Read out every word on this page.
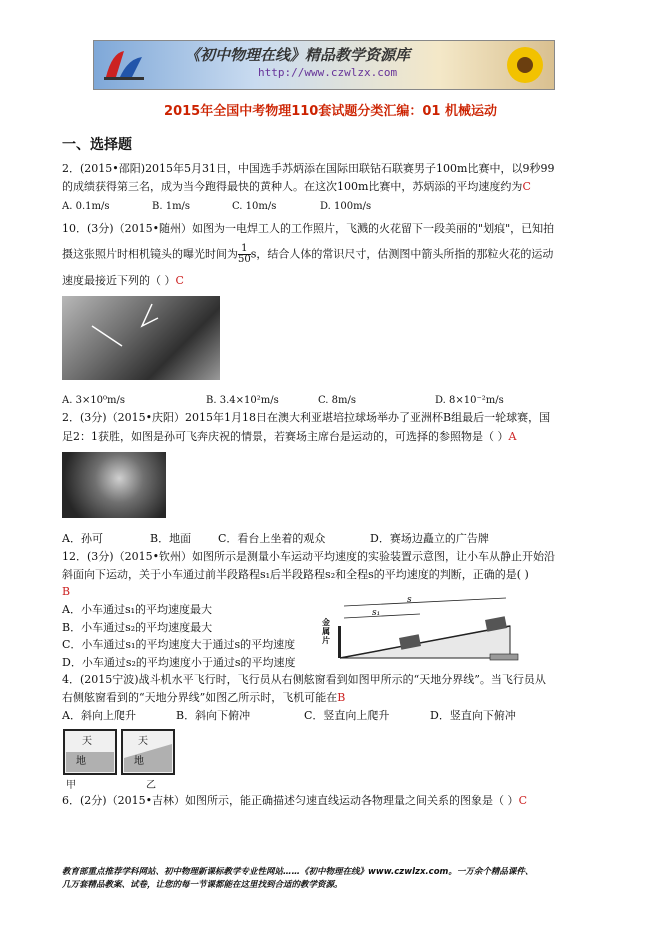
《初中物理在线》精品教学资源库
http://www.czwlzx.com
2015年全国中考物理110套试题分类汇编：01 机械运动
一、选择题
2．(2015•邵阳)2015年5月31日，中国选手苏炳添在国际田联钻石联赛男子100m比赛中，以9秒99
的成绩获得第三名，成为当今跑得最快的黄种人。在这次100m比赛中，苏炳添的平均速度约为C
A. 0.1m/s	B. 1m/s	C. 10m/s	D. 100m/s
10．(3分)（2015•随州）如图为一电焊工人的工作照片，飞溅的火花留下一段美丽的"划痕"，已知拍
摄这张照片时相机镜头的曝光时间为 $\frac{1}{50}$ s，结合人体的常识尺寸，估测图中箭头所指的那粒火花的运动
速度最接近下列的（ ）C
A. 3×10⁰m/s	B. 3.4×10²m/s	C. 8m/s	D. 8×10⁻²m/s
2．(3分)（2015•庆阳）2015年1月18日在澳大利亚堪培拉球场举办了亚洲杯B组最后一轮球赛，国
足2：1获胜，如图是孙可飞奔庆祝的情景，若赛场主席台是运动的，可选择的参照物是（ ）A
A．孙可	B．地面 C．看台上坐着的观众	D．赛场边矗立的广告牌
12．(3分)（2015•钦州）如图所示是测量小车运动平均速度的实验装置示意图，让小车从静止开始沿
斜面向下运动，关于小车通过前半段路程s₁后半段路程s₂和全程s的平均速度的判断，正确的是( )
B
A．小车通过s₁的平均速度最大
B．小车通过s₂的平均速度最大
C．小车通过s₁的平均速度大于通过s的平均速度
D．小车通过s₂的平均速度小于通过s的平均速度
s
s₁
金属片
4．(2015宁波)战斗机水平飞行时，飞行员从右侧舷窗看到如图甲所示的“天地分界线”。当飞行员从
右侧舷窗看到的“天地分界线”如图乙所示时，飞机可能在B
A．斜向上爬升	B．斜向下俯冲	C．竖直向上爬升	D．竖直向下俯冲
天
地
甲
天
地
乙
6．(2分)（2015•吉林）如图所示，能正确描述匀速直线运动各物理量之间关系的图象是（ ）C
教育部重点推荐学科网站、初中物理新课标教学专业性网站……《初中物理在线》www.czwlzx.com。一万余个精品课件、
几万套精品教案、试卷，让您的每一节课都能在这里找到合适的教学资源。
